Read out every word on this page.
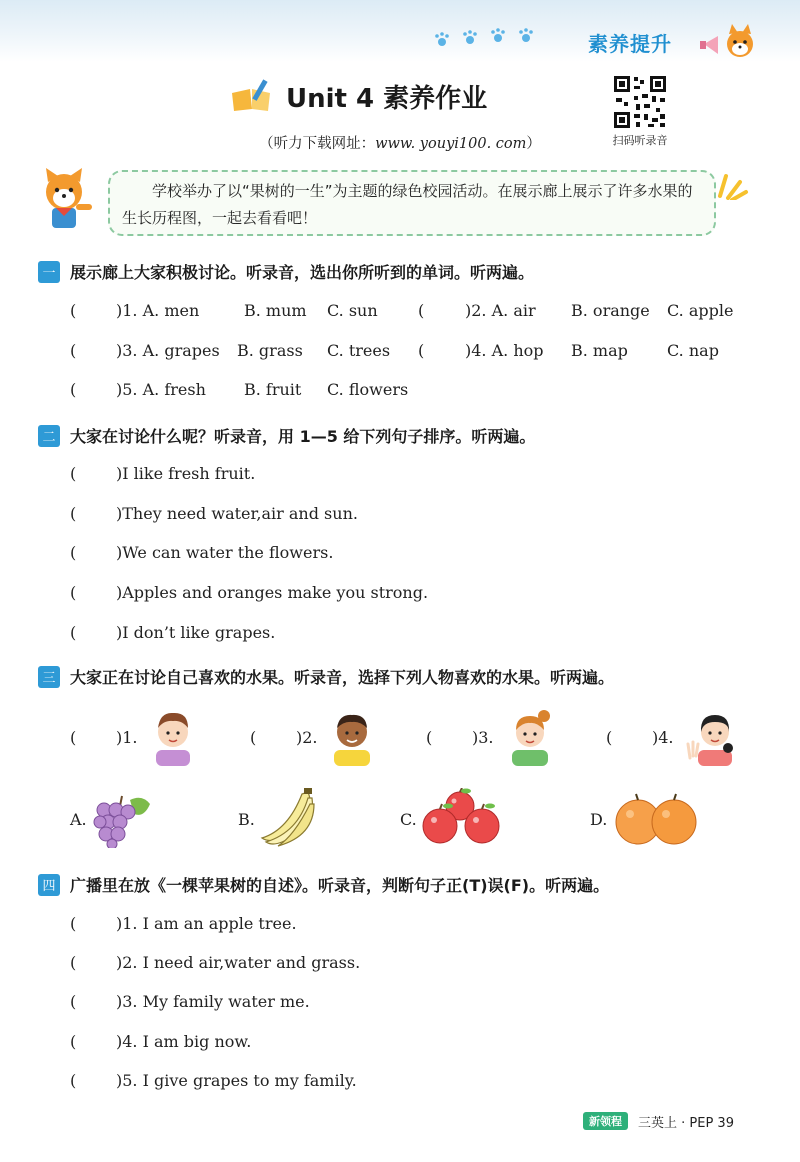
素养提升
Unit 4 素养作业
（听力下载网址：www. youyi100. com）	扫码听录音
学校举办了以“果树的一生”为主题的绿色校园活动。在展示廊上展示了许多水果的生长历程图，一起去看看吧！
一 展示廊上大家积极讨论。听录音，选出你所听到的单词。听两遍。
( )1. A. men	B. mum C. sun	(	)2. A. air B. orange C. apple
( )3. A. grapes B. grass C. trees (	)4. A. hop B. map C. nap
( )5. A. fresh B. fruit C. flowers
二 大家在讨论什么呢？听录音，用 1—5 给下列句子排序。听两遍。
( )I like fresh fruit.
( )They need water,air and sun.
( )We can water the flowers.
( )Apples and oranges make you strong.
( )I don’t like grapes.
三 大家正在讨论自己喜欢的水果。听录音，选择下列人物喜欢的水果。听两遍。
( )1.	( )2.	( )3.	( )4.
A.	B.	C.	D.
四 广播里在放《一棵苹果树的自述》。听录音，判断句子正(T)误(F)。听两遍。
( )1. I am an apple tree.
( )2. I need air,water and grass.
( )3. My family water me.
( )4. I am big now.
( )5. I give grapes to my family.
新领程	三英上 · PEP 39
